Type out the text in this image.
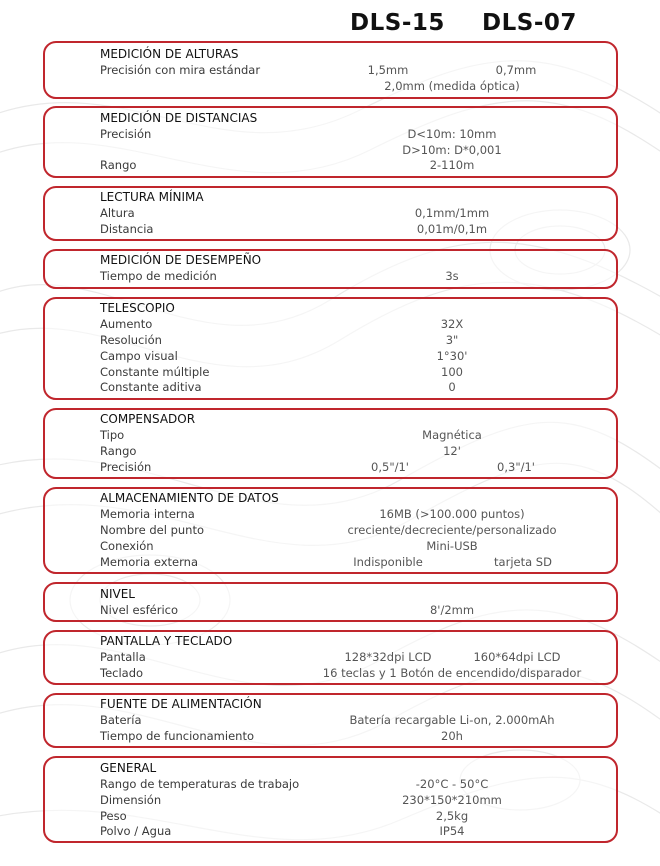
DLS-15 DLS-07
MEDICIÓN DE ALTURAS
Precisión con mira estándar	1,5mm	0,7mm
2,0mm (medida óptica)
MEDICIÓN DE DISTANCIAS
Precisión	D<10m: 10mm
D>10m: D*0,001
Rango	2-110m
LECTURA MÍNIMA
Altura	0,1mm/1mm
Distancia	0,01m/0,1m
MEDICIÓN DE DESEMPEÑO
Tiempo de medición	3s
TELESCOPIO
Aumento	32X
Resolución	3"
Campo visual	1°30'
Constante múltiple	100
Constante aditiva	0
COMPENSADOR
Tipo	Magnética
Rango	12'
Precisión	0,5"/1'	0,3"/1'
ALMACENAMIENTO DE DATOS
Memoria interna	16MB (>100.000 puntos)
Nombre del punto	creciente/decreciente/personalizado
Conexión	Mini-USB
Memoria externa	Indisponible	tarjeta SD
NIVEL
Nivel esférico	8'/2mm
PANTALLA Y TECLADO
Pantalla	128*32dpi LCD	160*64dpi LCD
Teclado	16 teclas y 1 Botón de encendido/disparador
FUENTE DE ALIMENTACIÓN
Batería	Batería recargable Li-on, 2.000mAh
Tiempo de funcionamiento	20h
GENERAL
Rango de temperaturas de trabajo	-20°C - 50°C
Dimensión	230*150*210mm
Peso	2,5kg
Polvo / Agua	IP54
